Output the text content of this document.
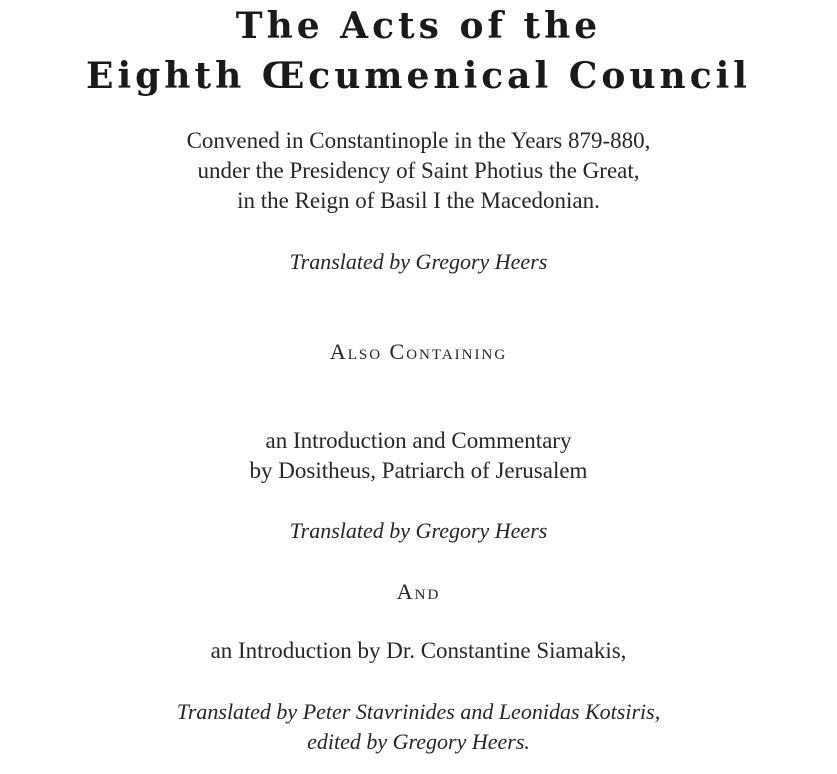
The Acts of the
Eighth Œcumenical Council
Convened in Constantinople in the Years 879-880,
under the Presidency of Saint Photius the Great,
in the Reign of Basil I the Macedonian.
Translated by Gregory Heers
Also Containing
an Introduction and Commentary
by Dositheus, Patriarch of Jerusalem
Translated by Gregory Heers
And
an Introduction by Dr. Constantine Siamakis,
Translated by Peter Stavrinides and Leonidas Kotsiris,
edited by Gregory Heers.
